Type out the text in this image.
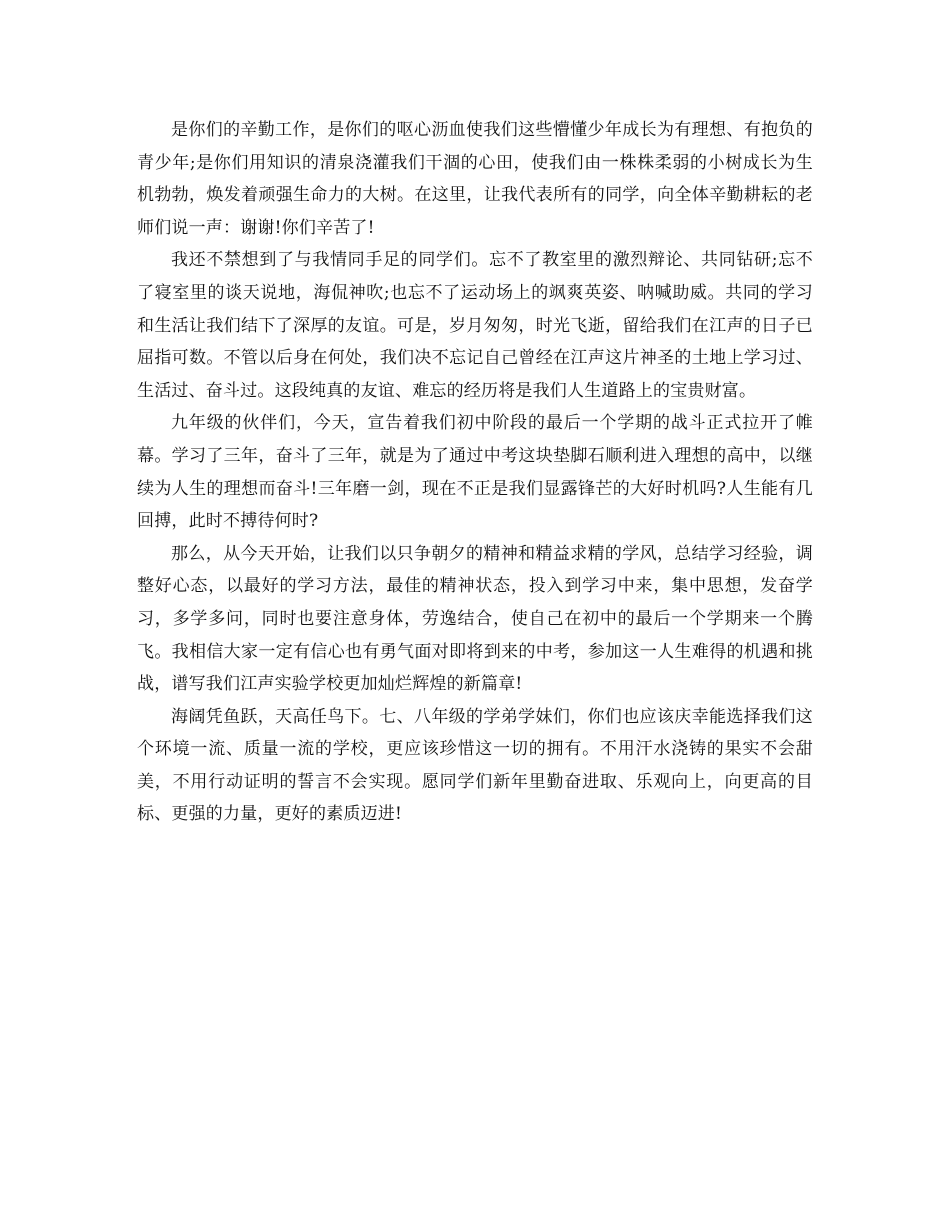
是你们的辛勤工作，是你们的呕心沥血使我们这些懵懂少年成长为有理想、有抱负的青少年;是你们用知识的清泉浇灌我们干涸的心田，使我们由一株株柔弱的小树成长为生机勃勃，焕发着顽强生命力的大树。在这里，让我代表所有的同学，向全体辛勤耕耘的老师们说一声：谢谢!你们辛苦了!

我还不禁想到了与我情同手足的同学们。忘不了教室里的激烈辩论、共同钻研;忘不了寝室里的谈天说地，海侃神吹;也忘不了运动场上的飒爽英姿、呐喊助威。共同的学习和生活让我们结下了深厚的友谊。可是，岁月匆匆，时光飞逝，留给我们在江声的日子已屈指可数。不管以后身在何处，我们决不忘记自己曾经在江声这片神圣的土地上学习过、生活过、奋斗过。这段纯真的友谊、难忘的经历将是我们人生道路上的宝贵财富。

九年级的伙伴们，今天，宣告着我们初中阶段的最后一个学期的战斗正式拉开了帷幕。学习了三年，奋斗了三年，就是为了通过中考这块垫脚石顺利进入理想的高中，以继续为人生的理想而奋斗!三年磨一剑，现在不正是我们显露锋芒的大好时机吗?人生能有几回搏，此时不搏待何时?

那么，从今天开始，让我们以只争朝夕的精神和精益求精的学风，总结学习经验，调整好心态，以最好的学习方法，最佳的精神状态，投入到学习中来，集中思想，发奋学习，多学多问，同时也要注意身体，劳逸结合，使自己在初中的最后一个学期来一个腾飞。我相信大家一定有信心也有勇气面对即将到来的中考，参加这一人生难得的机遇和挑战，谱写我们江声实验学校更加灿烂辉煌的新篇章!

海阔凭鱼跃，天高任鸟下。七、八年级的学弟学妹们，你们也应该庆幸能选择我们这个环境一流、质量一流的学校，更应该珍惜这一切的拥有。不用汗水浇铸的果实不会甜美，不用行动证明的誓言不会实现。愿同学们新年里勤奋进取、乐观向上，向更高的目标、更强的力量，更好的素质迈进!
